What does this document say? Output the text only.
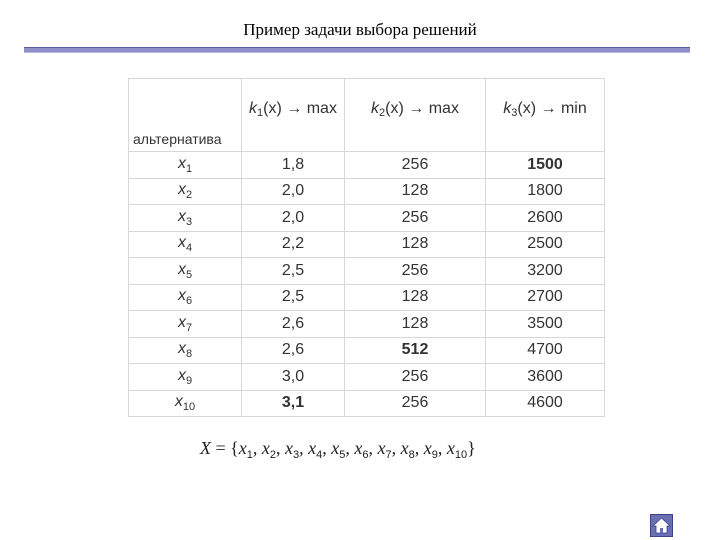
Пример задачи выбора решений
альтернатива	$k_1(x) \to \max$	$k_2(x) \to \max$	$k_3(x) \to \min$
$x_1$	1,8	256	1500
$x_2$	2,0	128	1800
$x_3$	2,0	256	2600
$x_4$	2,2	128	2500
$x_5$	2,5	256	3200
$x_6$	2,5	128	2700
$x_7$	2,6	128	3500
$x_8$	2,6	512	4700
$x_9$	3,0	256	3600
$x_{10}$	3,1	256	4600
$X = \{x_1$, $x_2$, $x_3$, $x_4$, $x_5$, $x_6$, $x_7$, $x_8$, $x_9$, $x_{10}$}
